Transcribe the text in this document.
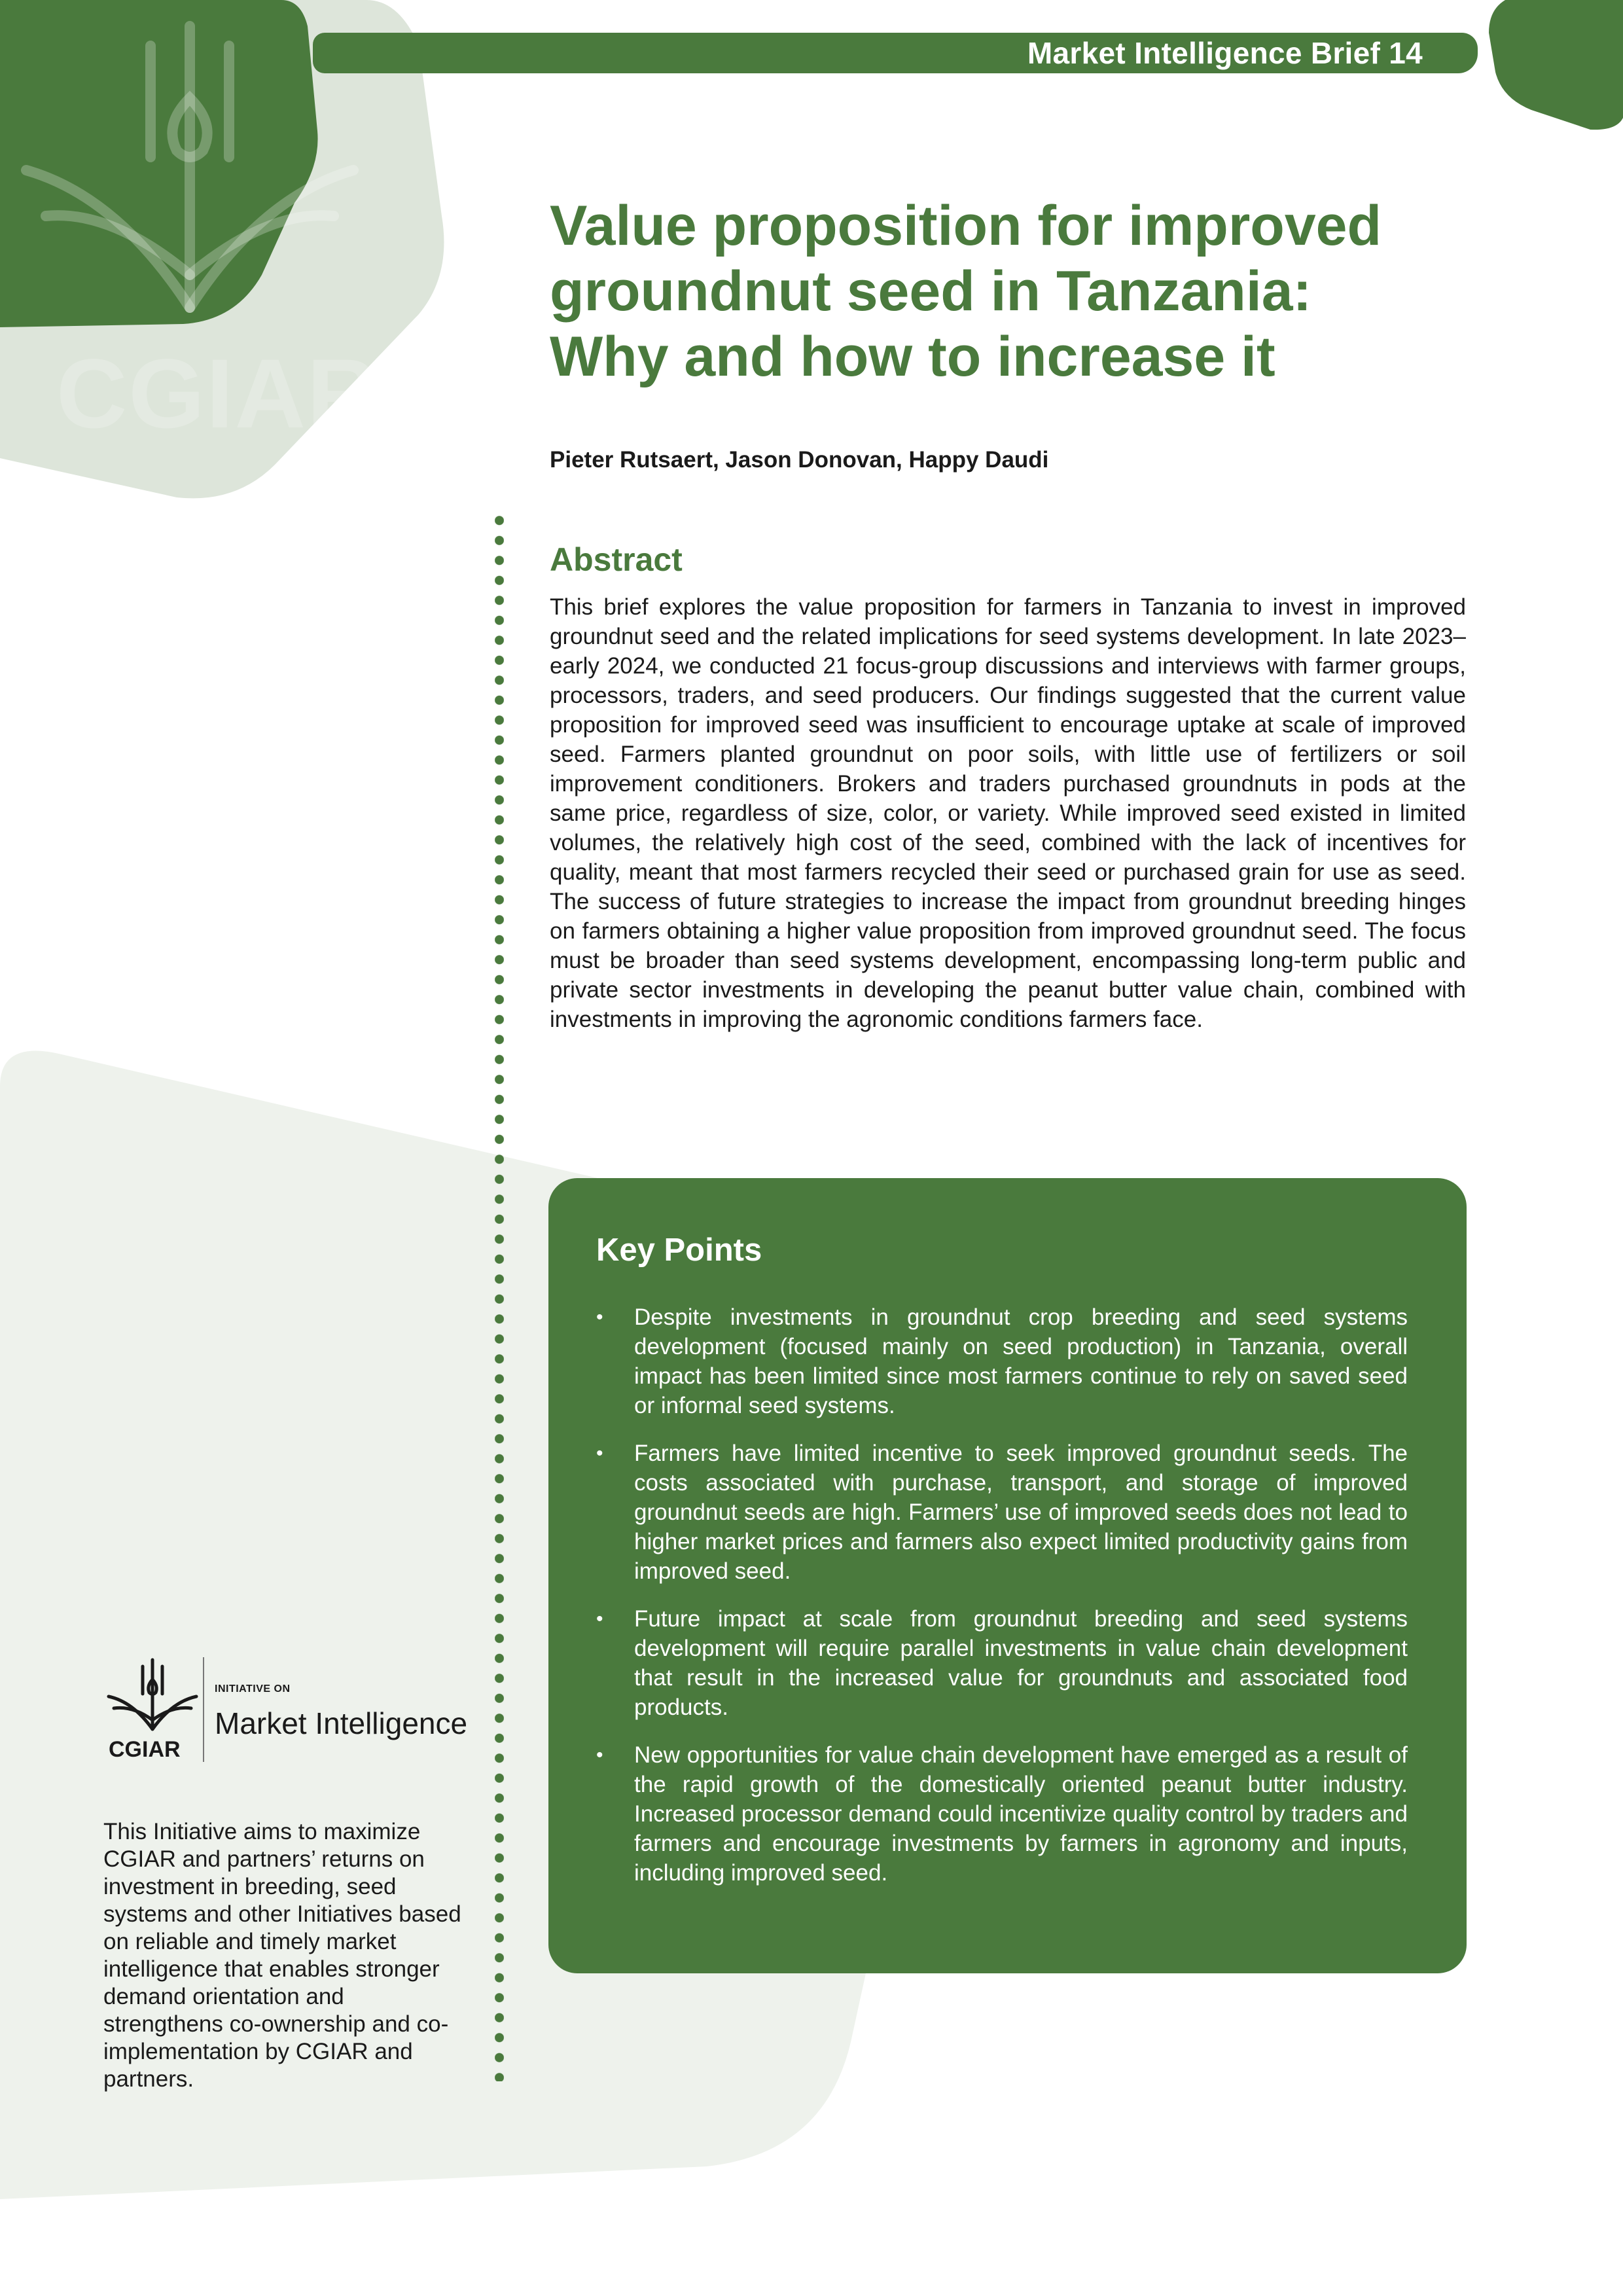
CGIAR
Market Intelligence Brief 14
Value proposition for improved
groundnut seed in Tanzania:
Why and how to increase it
Pieter Rutsaert, Jason Donovan, Happy Daudi
Abstract

This brief explores the value proposition for farmers in Tanzania to invest in improved groundnut seed and the related implications for seed systems development. In late 2023–early 2024, we conducted 21 focus-group discussions and interviews with farmer groups, processors, traders, and seed producers. Our findings suggested that the current value proposition for improved seed was insufficient to encourage uptake at scale of improved seed. Farmers planted groundnut on poor soils, with little use of fertilizers or soil improvement conditioners. Brokers and traders purchased groundnuts in pods at the same price, regardless of size, color, or variety. While improved seed existed in limited volumes, the relatively high cost of the seed, combined with the lack of incentives for quality, meant that most farmers recycled their seed or purchased grain for use as seed. The success of future strategies to increase the impact from groundnut breeding hinges on farmers obtaining a higher value proposition from improved groundnut seed. The focus must be broader than seed systems development, encompassing long-term public and private sector investments in developing the peanut butter value chain, combined with investments in improving the agronomic conditions farmers face.

Key Points
• Despite investments in groundnut crop breeding and seed systems development (focused mainly on seed production) in Tanzania, overall impact has been limited since most farmers continue to rely on saved seed or informal seed systems.
• Farmers have limited incentive to seek improved groundnut seeds. The costs associated with purchase, transport, and storage of improved groundnut seeds are high. Farmers’ use of improved seeds does not lead to higher market prices and farmers also expect limited productivity gains from improved seed.
• Future impact at scale from groundnut breeding and seed systems development will require parallel investments in value chain development that result in the increased value for groundnuts and associated food products.
• New opportunities for value chain development have emerged as a result of the rapid growth of the domestically oriented peanut butter industry. Increased processor demand could incentivize quality control by traders and farmers and encourage investments by farmers in agronomy and inputs, including improved seed.
CGIAR
INITIATIVE ON
Market Intelligence

This Initiative aims to maximize CGIAR and partners’ returns on investment in breeding, seed systems and other Initiatives based on reliable and timely market intelligence that enables stronger demand orientation and strengthens co-ownership and co-implementation by CGIAR and partners.
